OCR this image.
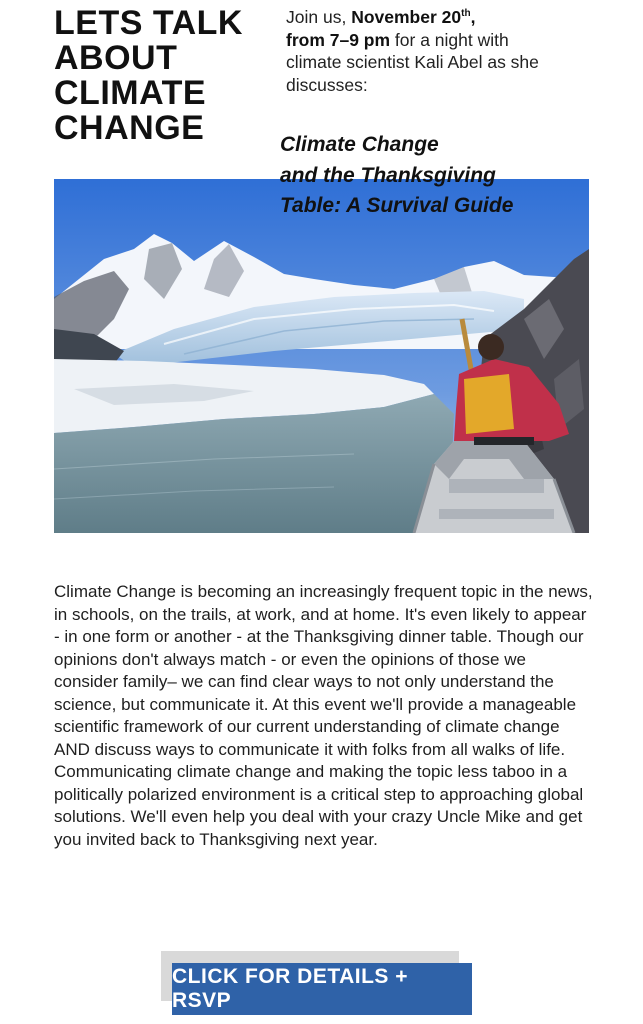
LETS TALK
ABOUT
CLIMATE
CHANGE
Join us, November 20th,
from 7–9 pm for a night with climate scientist Kali Abel as she discusses:
Climate Change
and the Thanksgiving
Table: A Survival Guide

Climate Change is becoming an increasingly frequent topic in the news, in schools, on the trails, at work, and at home. It's even likely to appear - in one form or another - at the Thanksgiving dinner table. Though our opinions don't always match - or even the opinions of those we consider family– we can find clear ways to not only understand the science, but communicate it. At this event we'll provide a manageable scientific framework of our current understanding of climate change AND discuss ways to communicate it with folks from all walks of life. Communicating climate change and making the topic less taboo in a politically polarized environment is a critical step to approaching global solutions. We'll even help you deal with your crazy Uncle Mike and get you invited back to Thanksgiving next year.

CLICK FOR DETAILS + RSVP
